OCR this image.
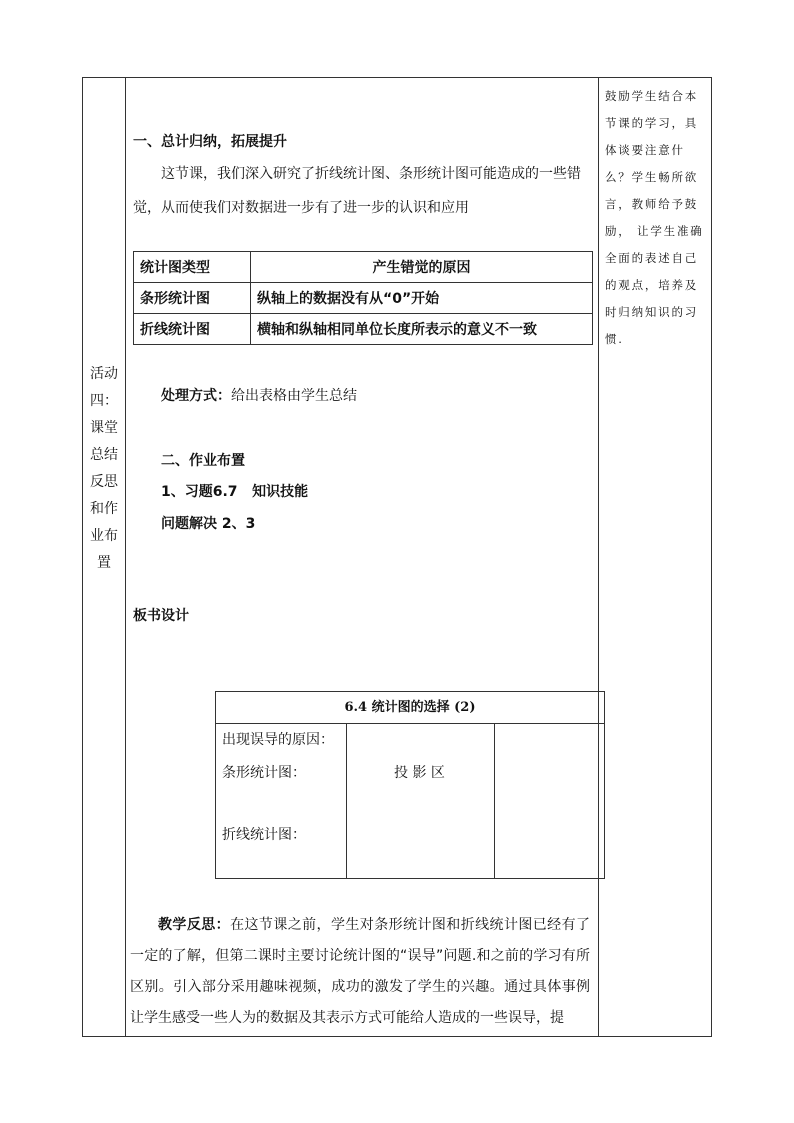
活动
四：
课堂
总结
反思
和作
业布
置
一、总计归纳，拓展提升
这节课，我们深入研究了折线统计图、条形统计图可能造成的一些错
觉，从而使我们对数据进一步有了进一步的认识和应用
统计图类型	产生错觉的原因
条形统计图	纵轴上的数据没有从“0”开始
折线统计图	横轴和纵轴相同单位长度所表示的意义不一致
处理方式：给出表格由学生总结
二、作业布置
1、习题6.7   知识技能
问题解决 2、3
板书设计
6.4 统计图的选择 (2)
出现误导的原因：
条形统计图：
折线统计图：
投 影 区
教学反思：在这节课之前，学生对条形统计图和折线统计图已经有了一定的了解，但第二课时主要讨论统计图的“误导”问题.和之前的学习有所区别。引入部分采用趣味视频，成功的激发了学生的兴趣。通过具体事例让学生感受一些人为的数据及其表示方式可能给人造成的一些误导，提
鼓励学生结合本节课的学习，具体谈要注意什么？学生畅所欲言，教师给予鼓励， 让学生准确全面的表述自己的观点，培养及时归纳知识的习惯.
